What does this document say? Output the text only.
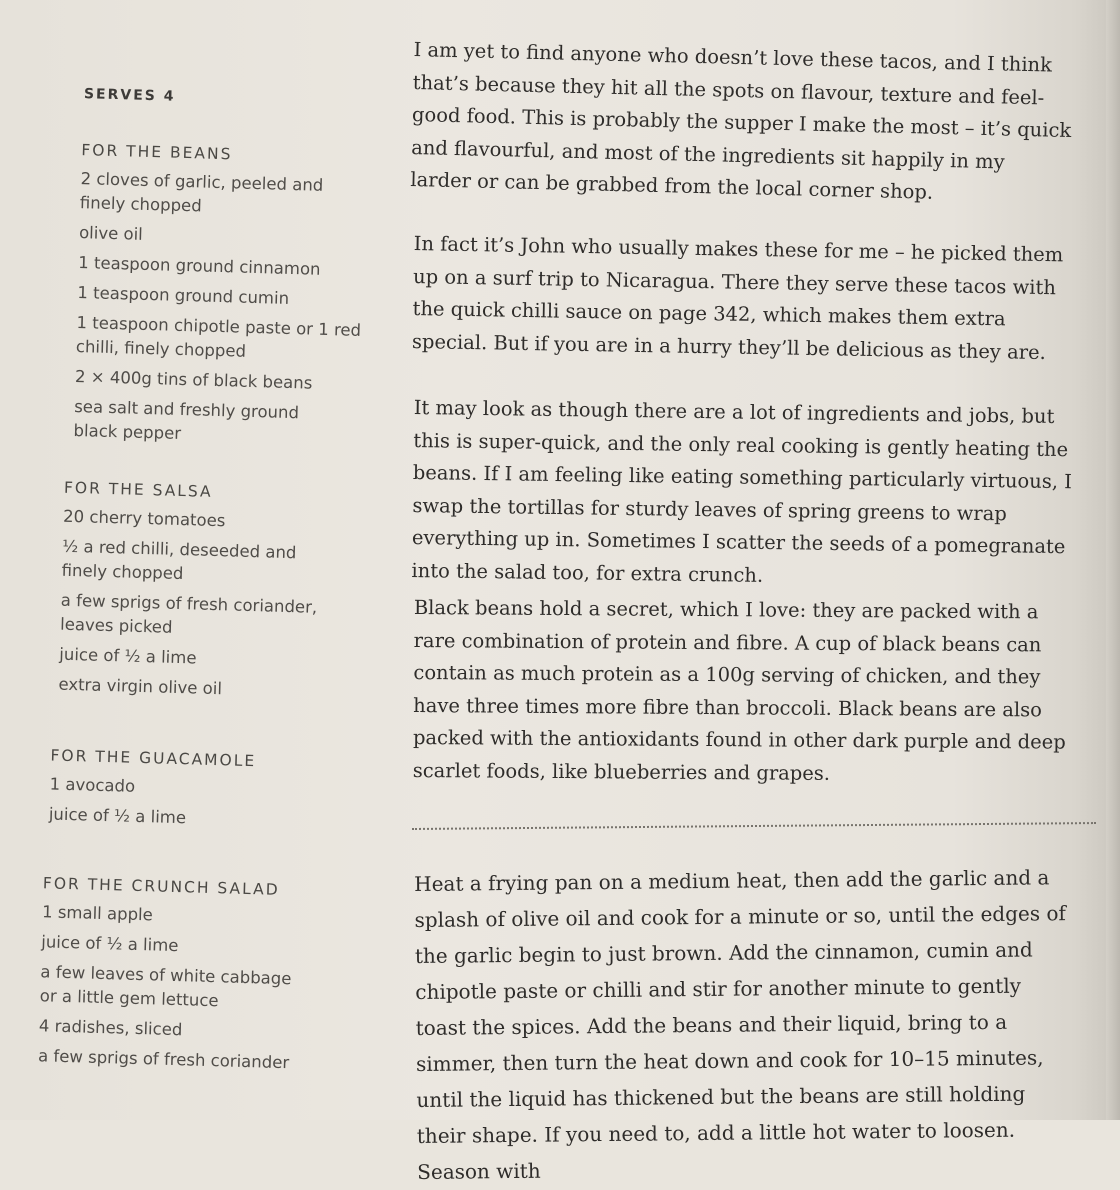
SERVES 4
FOR THE BEANS
2 cloves of garlic, peeled and finely chopped
olive oil
1 teaspoon ground cinnamon
1 teaspoon ground cumin
1 teaspoon chipotle paste or 1 red chilli, finely chopped
2 × 400g tins of black beans
sea salt and freshly ground black pepper
FOR THE SALSA
20 cherry tomatoes
½ a red chilli, deseeded and finely chopped
a few sprigs of fresh coriander, leaves picked
juice of ½ a lime
extra virgin olive oil
FOR THE GUACAMOLE
1 avocado
juice of ½ a lime
FOR THE CRUNCH SALAD
1 small apple
juice of ½ a lime
a few leaves of white cabbage or a little gem lettuce
4 radishes, sliced
a few sprigs of fresh coriander
I am yet to find anyone who doesn’t love these tacos, and I think that’s because they hit all the spots on flavour, texture and feel-good food. This is probably the supper I make the most – it’s quick and flavourful, and most of the ingredients sit happily in my larder or can be grabbed from the local corner shop.
In fact it’s John who usually makes these for me – he picked them up on a surf trip to Nicaragua. There they serve these tacos with the quick chilli sauce on page 342, which makes them extra special. But if you are in a hurry they’ll be delicious as they are.
It may look as though there are a lot of ingredients and jobs, but this is super-quick, and the only real cooking is gently heating the beans. If I am feeling like eating something particularly virtuous, I swap the tortillas for sturdy leaves of spring greens to wrap everything up in. Sometimes I scatter the seeds of a pomegranate into the salad too, for extra crunch.
Black beans hold a secret, which I love: they are packed with a rare combination of protein and fibre. A cup of black beans can contain as much protein as a 100g serving of chicken, and they have three times more fibre than broccoli. Black beans are also packed with the antioxidants found in other dark purple and deep scarlet foods, like blueberries and grapes.
Heat a frying pan on a medium heat, then add the garlic and a splash of olive oil and cook for a minute or so, until the edges of the garlic begin to just brown. Add the cinnamon, cumin and chipotle paste or chilli and stir for another minute to gently toast the spices. Add the beans and their liquid, bring to a simmer, then turn the heat down and cook for 10–15 minutes, until the liquid has thickened but the beans are still holding their shape. If you need to, add a little hot water to loosen. Season with
